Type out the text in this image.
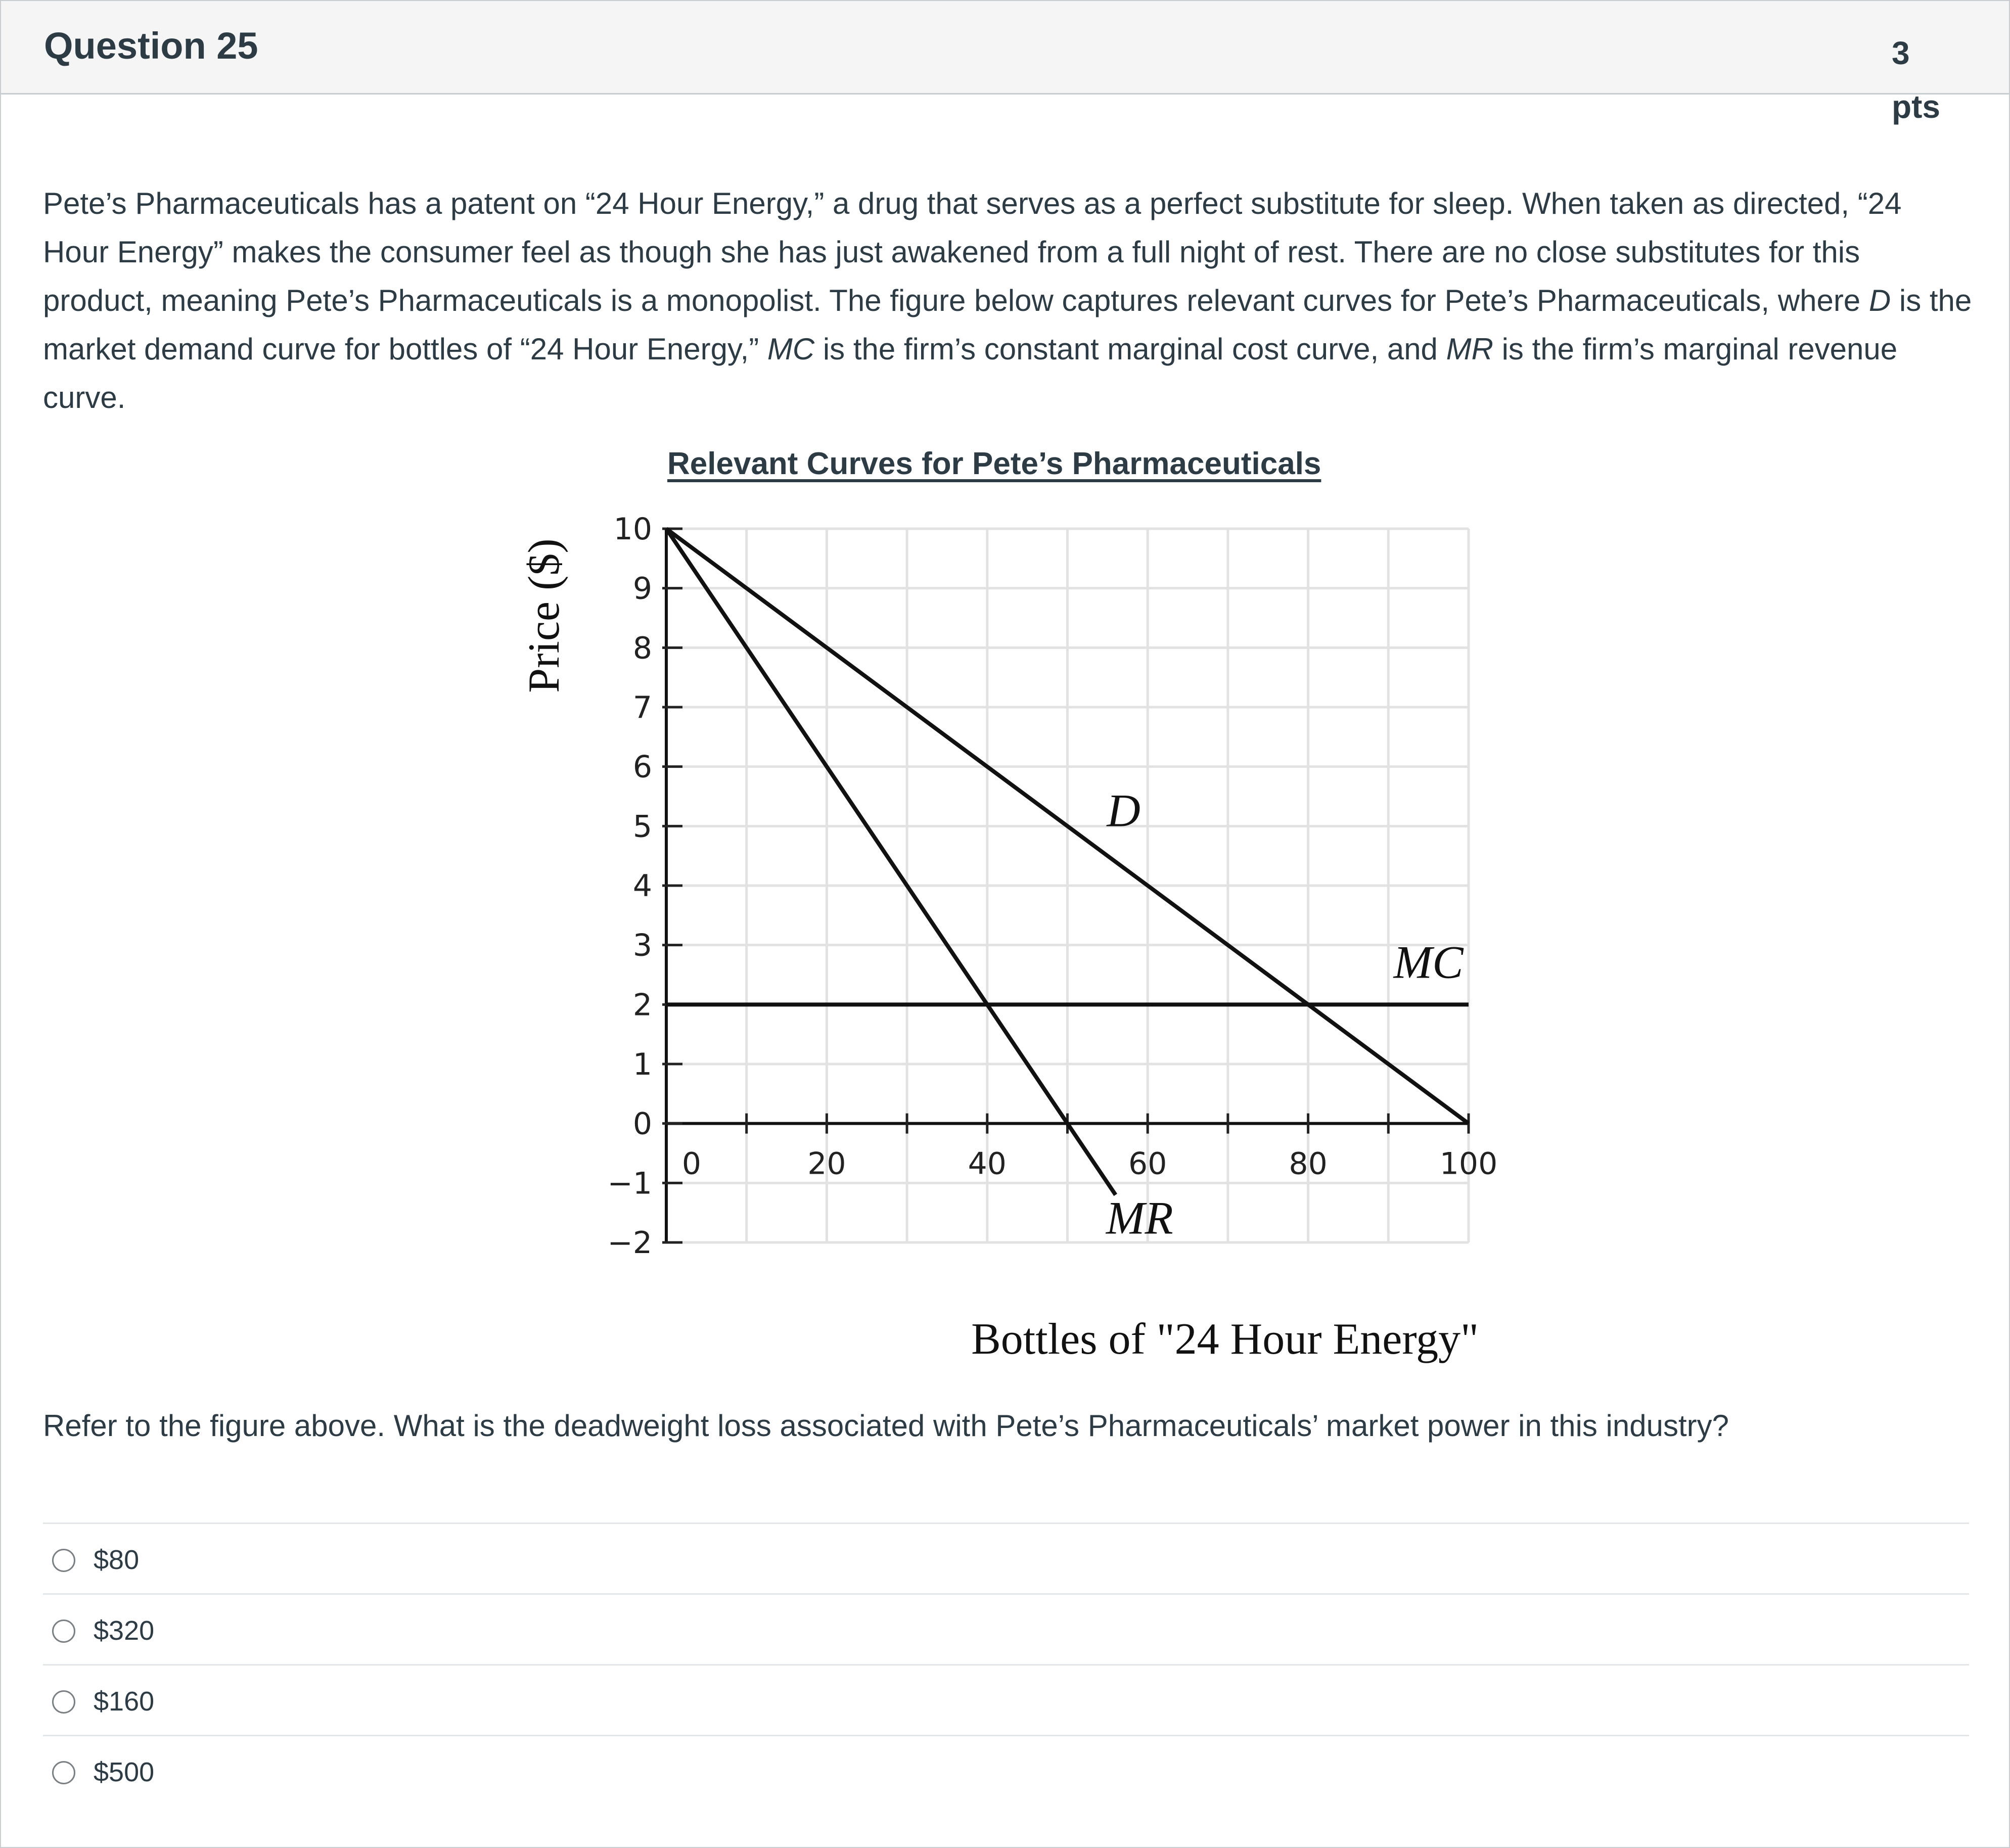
Question 25	3
pts
Pete’s Pharmaceuticals has a patent on “24 Hour Energy,” a drug that serves as a perfect substitute for sleep. When taken as directed, “24 Hour Energy” makes the consumer feel as though she has just awakened from a full night of rest. There are no close substitutes for this product, meaning Pete’s Pharmaceuticals is a monopolist. The figure below captures relevant curves for Pete’s Pharmaceuticals, where D is the market demand curve for bottles of “24 Hour Energy,” MC is the firm’s constant marginal cost curve, and MR is the firm’s marginal revenue curve.
Relevant Curves for Pete’s Pharmaceuticals
10
9
8
7
6
5
4
3
2
1
0
−1
−2
0	20	40	60	80	100
D
MR
MC
Price ($)
Bottles of "24 Hour Energy"
Refer to the figure above. What is the deadweight loss associated with Pete’s Pharmaceuticals’ market power in this industry?
$80
$320
$160
$500
